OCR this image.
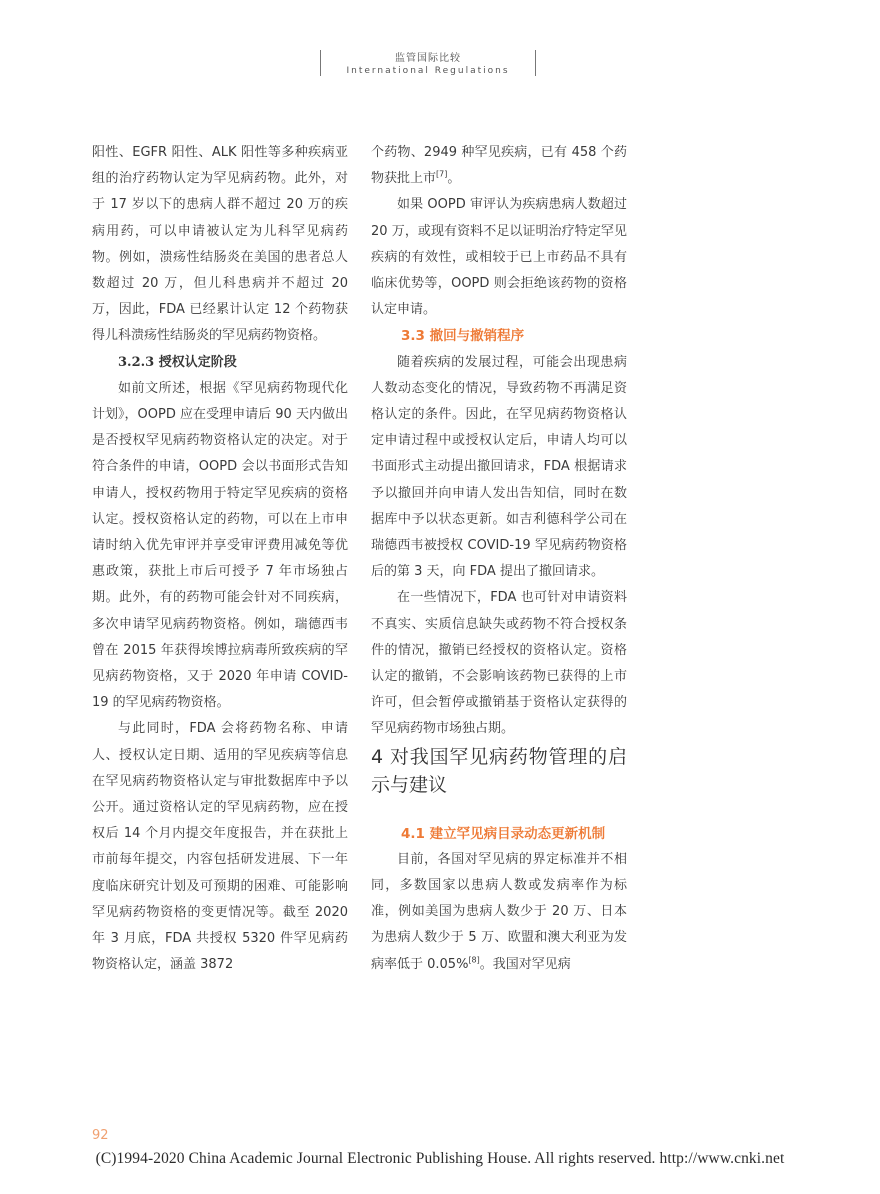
监管国际比较
International Regulations

阳性、EGFR 阳性、ALK 阳性等多种疾病亚组的治疗药物认定为罕见病药物。此外，对于 17 岁以下的患病人群不超过 20 万的疾病用药，可以申请被认定为儿科罕见病药物。例如，溃疡性结肠炎在美国的患者总人数超过 20 万，但儿科患病并不超过 20 万，因此，FDA 已经累计认定 12 个药物获得儿科溃疡性结肠炎的罕见病药物资格。

3.2.3 授权认定阶段

如前文所述，根据《罕见病药物现代化计划》，OOPD 应在受理申请后 90 天内做出是否授权罕见病药物资格认定的决定。对于符合条件的申请，OOPD 会以书面形式告知申请人，授权药物用于特定罕见疾病的资格认定。授权资格认定的药物，可以在上市申请时纳入优先审评并享受审评费用减免等优惠政策，获批上市后可授予 7 年市场独占期。此外，有的药物可能会针对不同疾病，多次申请罕见病药物资格。例如，瑞德西韦曾在 2015 年获得埃博拉病毒所致疾病的罕见病药物资格，又于 2020 年申请 COVID-19 的罕见病药物资格。

与此同时，FDA 会将药物名称、申请人、授权认定日期、适用的罕见疾病等信息在罕见病药物资格认定与审批数据库中予以公开。通过资格认定的罕见病药物，应在授权后 14 个月内提交年度报告，并在获批上市前每年提交，内容包括研发进展、下一年度临床研究计划及可预期的困难、可能影响罕见病药物资格的变更情况等。截至 2020 年 3 月底，FDA 共授权 5320 件罕见病药物资格认定，涵盖 3872

个药物、2949 种罕见疾病，已有 458 个药物获批上市[7]。

如果 OOPD 审评认为疾病患病人数超过 20 万，或现有资料不足以证明治疗特定罕见疾病的有效性，或相较于已上市药品不具有临床优势等，OOPD 则会拒绝该药物的资格认定申请。

3.3 撤回与撤销程序

随着疾病的发展过程，可能会出现患病人数动态变化的情况，导致药物不再满足资格认定的条件。因此，在罕见病药物资格认定申请过程中或授权认定后，申请人均可以书面形式主动提出撤回请求，FDA 根据请求予以撤回并向申请人发出告知信，同时在数据库中予以状态更新。如吉利德科学公司在瑞德西韦被授权 COVID-19 罕见病药物资格后的第 3 天，向 FDA 提出了撤回请求。

在一些情况下，FDA 也可针对申请资料不真实、实质信息缺失或药物不符合授权条件的情况，撤销已经授权的资格认定。资格认定的撤销，不会影响该药物已获得的上市许可，但会暂停或撤销基于资格认定获得的罕见病药物市场独占期。

4 对我国罕见病药物管理的启示与建议

4.1 建立罕见病目录动态更新机制

目前，各国对罕见病的界定标准并不相同，多数国家以患病人数或发病率作为标准，例如美国为患病人数少于 20 万、日本为患病人数少于 5 万、欧盟和澳大利亚为发病率低于 0.05%[8]。我国对罕见病

92
(C)1994-2020 China Academic Journal Electronic Publishing House. All rights reserved. http://www.cnki.net
